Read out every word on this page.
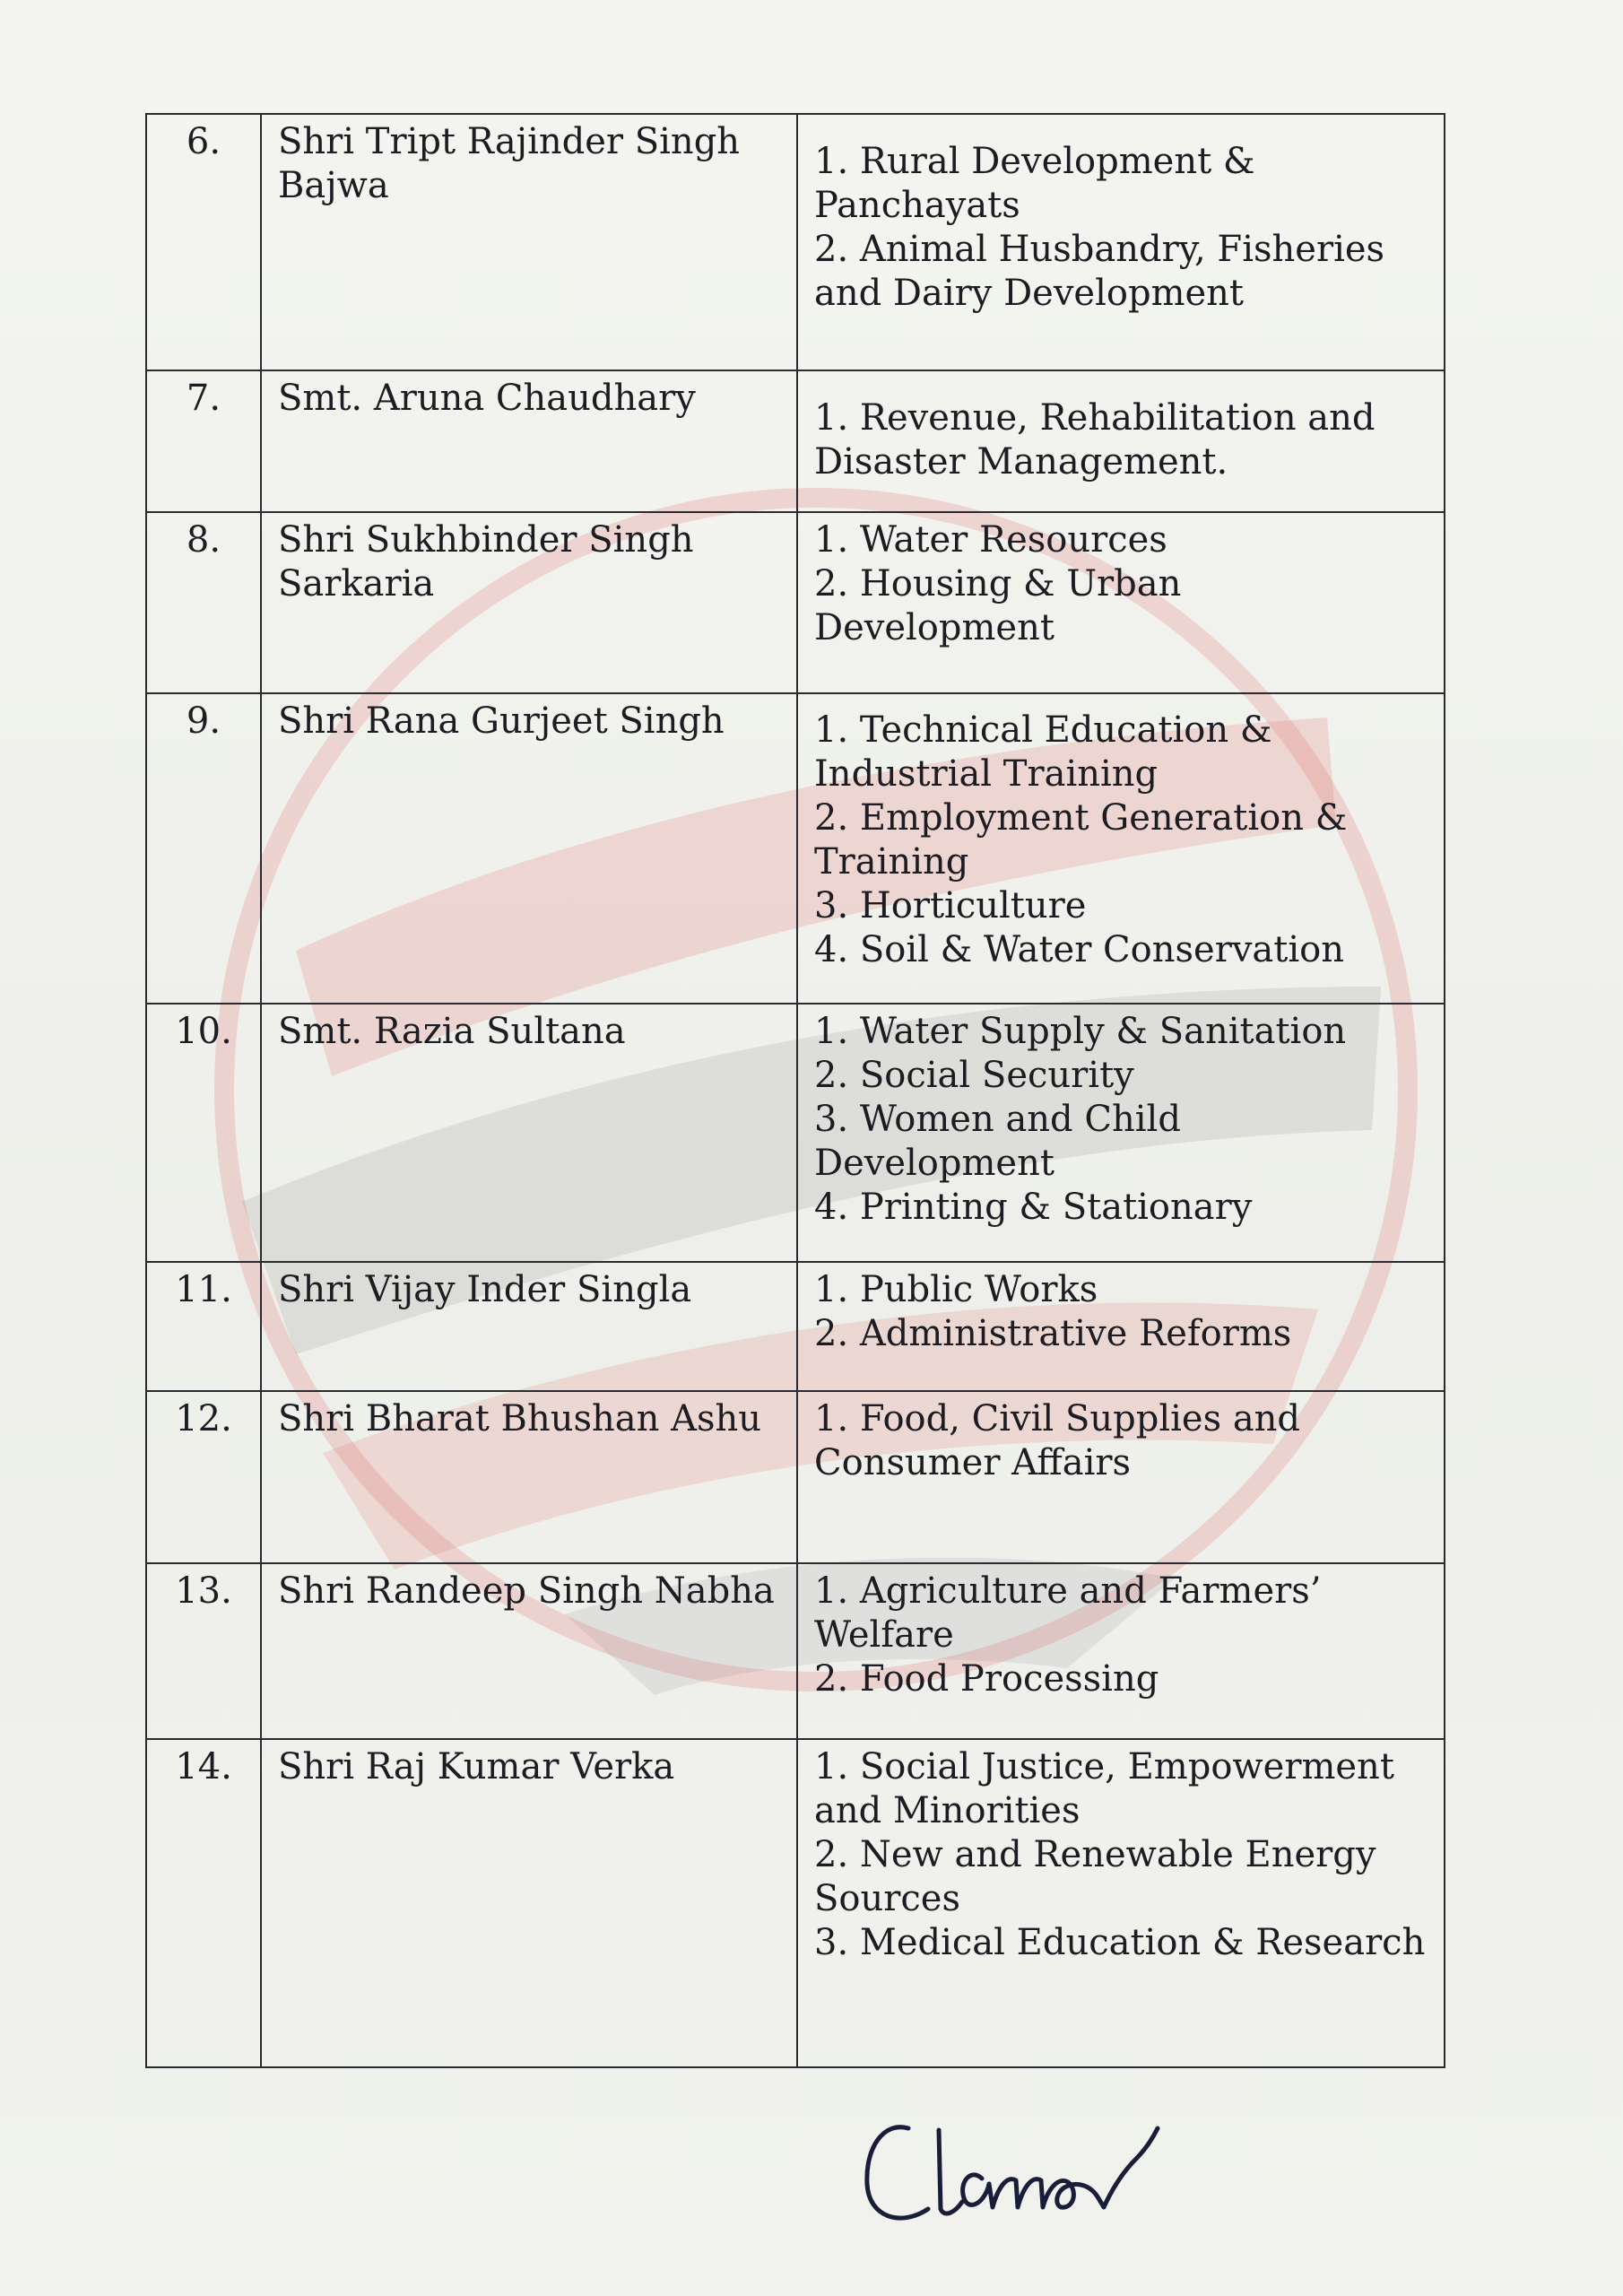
6.	Shri Tript Rajinder Singh Bajwa	1. Rural Development & Panchayats
2. Animal Husbandry, Fisheries and Dairy Development

7.	Smt. Aruna Chaudhary	1. Revenue, Rehabilitation and Disaster Management.

8.	Shri Sukhbinder Singh Sarkaria	1. Water Resources
2. Housing & Urban Development

9.	Shri Rana Gurjeet Singh	1. Technical Education & Industrial Training
2. Employment Generation & Training
3. Horticulture
4. Soil & Water Conservation

10.	Smt. Razia Sultana	1. Water Supply & Sanitation
2. Social Security
3. Women and Child Development
4. Printing & Stationary

11.	Shri Vijay Inder Singla	1. Public Works
2. Administrative Reforms

12.	Shri Bharat Bhushan Ashu	1. Food, Civil Supplies and Consumer Affairs

13.	Shri Randeep Singh Nabha	1. Agriculture and Farmers’ Welfare
2. Food Processing

14.	Shri Raj Kumar Verka	1. Social Justice, Empowerment and Minorities
2. New and Renewable Energy Sources
3. Medical Education & Research
